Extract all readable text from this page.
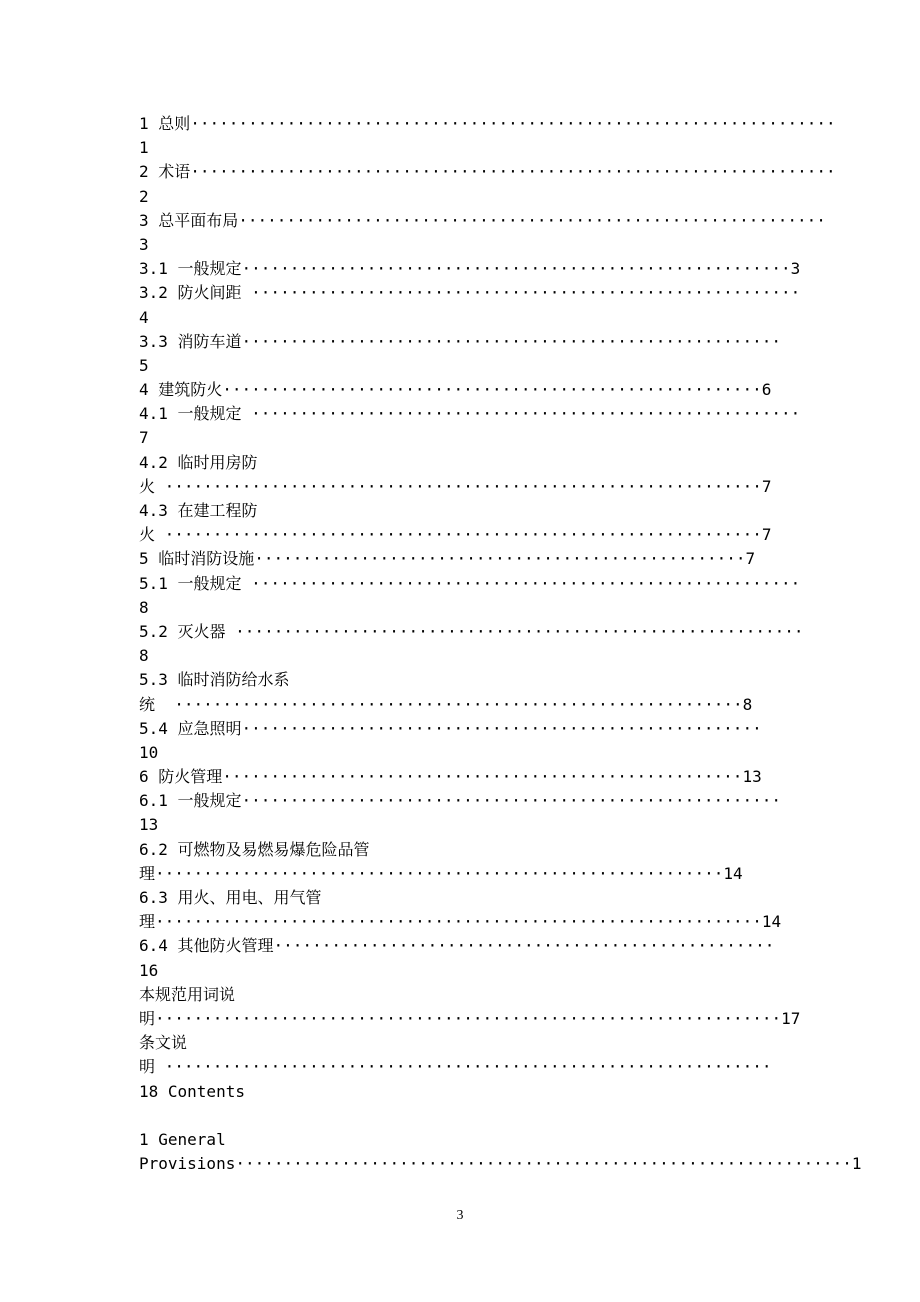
1 总则···································································
1
2 术语···································································
2
3 总平面布局·····························································
3
3.1 一般规定·························································3
3.2 防火间距 ·························································
4
3.3 消防车道························································
5
4 建筑防火························································6
4.1 一般规定 ·························································
7
4.2 临时用房防
火 ······························································7
4.3 在建工程防
火 ······························································7
5 临时消防设施···················································7
5.1 一般规定 ·························································
8
5.2 灭火器 ···························································
8
5.3 临时消防给水系
统  ···························································8
5.4 应急照明······················································
10
6 防火管理······················································13
6.1 一般规定························································
13
6.2 可燃物及易燃易爆危险品管
理···························································14
6.3 用火、用电、用气管
理·······························································14
6.4 其他防火管理····················································
16
本规范用词说
明·································································17
条文说
明 ·······························································
18 Contents
1 General
Provisions································································1
3
